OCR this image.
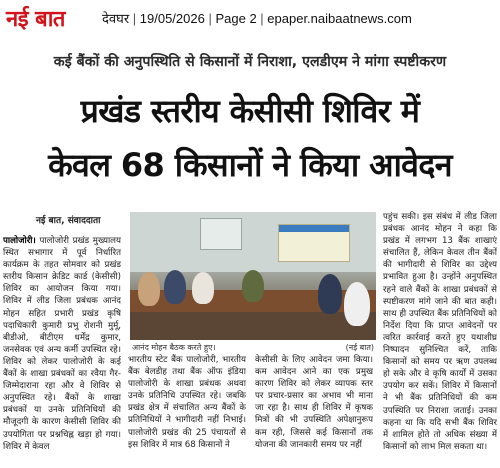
नई बात	देवघर | 19/05/2026 | Page 2 | epaper.naibaatnews.com
कई बैंकों की अनुपस्थिति से किसानों में निराशा, एलडीएम ने मांगा स्पष्टीकरण
प्रखंड स्तरीय केसीसी शिविर में
केवल 68 किसानों ने किया आवेदन
नई बात, संवाददाता
पालोजोरी। पालोजोरी प्रखंड मुख्यालय स्थित सभागार में पूर्व निर्धारित कार्यक्रम के तहत सोमवार को प्रखंड स्तरीय किसान क्रेडिट कार्ड (केसीसी) शिविर का आयोजन किया गया। शिविर में लीड जिला प्रबंधक आनंद मोहन सहित प्रभारी प्रखंड कृषि पदाधिकारी कुमारी प्रभु रोशनी मुर्मू, बीडीओ, बीटीएम धर्मेंद्र कुमार, जनसेवक एवं अन्य कर्मी उपस्थित रहे। शिविर को लेकर पालोजोरी के कई बैंकों के शाखा प्रबंधकों का रवैया गैर-जिम्मेदाराना रहा और वे शिविर से अनुपस्थित रहे। बैंकों के शाखा प्रबंधकों या उनके प्रतिनिधियों की मौजूदगी के कारण केसीसी शिविर की उपयोगिता पर प्रश्नचिह्न खड़ा हो गया। शिविर में केवल
आनंद मोहन बैठक करते हुए।	(नई बात)
भारतीय स्टेट बैंक पालोजोरी, भारतीय बैंक बेलडीह तथा बैंक ऑफ इंडिया पालोजोरी के शाखा प्रबंधक अथवा उनके प्रतिनिधि उपस्थित रहे। जबकि प्रखंड क्षेत्र में संचालित अन्य बैंकों के प्रतिनिधियों ने भागीदारी नहीं निभाई। पालोजोरी प्रखंड की 25 पंचायतों से इस शिविर में मात्र 68 किसानों ने
केसीसी के लिए आवेदन जमा किया। कम आवेदन आने का एक प्रमुख कारण शिविर को लेकर व्यापक स्तर पर प्रचार-प्रसार का अभाव भी माना जा रहा है। साथ ही शिविर में कृषक मित्रों की भी उपस्थिति अपेक्षानुरूप कम रही, जिससे कई किसानों तक योजना की जानकारी समय पर नहीं
पहुंच सकी। इस संबंध में लीड जिला प्रबंधक आनंद मोहन ने कहा कि प्रखंड में लगभग 13 बैंक शाखाएं संचालित हैं, लेकिन केवल तीन बैंकों की भागीदारी से शिविर का उद्देश्य प्रभावित हुआ है। उन्होंने अनुपस्थित रहने वाले बैंकों के शाखा प्रबंधकों से स्पष्टीकरण मांगे जाने की बात कही। साथ ही उपस्थित बैंक प्रतिनिधियों को निर्देश दिया कि प्राप्त आवेदनों पर त्वरित कार्रवाई करते हुए यथाशीघ्र निष्पादन सुनिश्चित करें, ताकि किसानों को समय पर ऋण उपलब्ध हो सके और वे कृषि कार्यों में उसका उपयोग कर सकें। शिविर में किसानों ने भी बैंक प्रतिनिधियों की कम उपस्थिति पर निराशा जताई। उनका कहना था कि यदि सभी बैंक शिविर में शामिल होते तो अधिक संख्या में किसानों को लाभ मिल सकता था।
